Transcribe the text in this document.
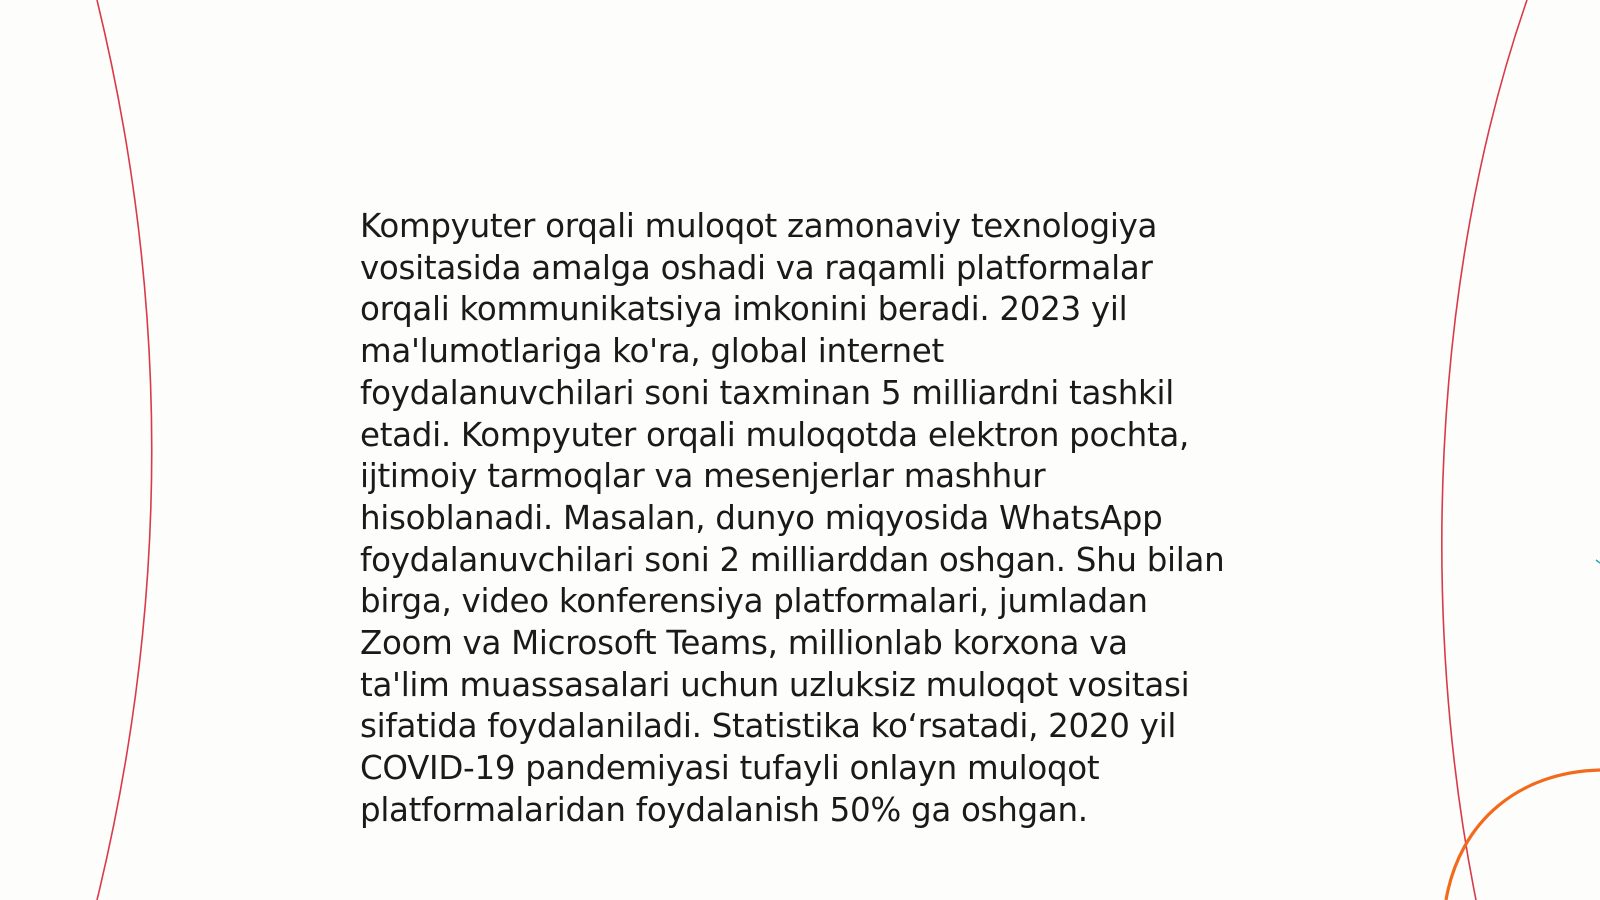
Kompyuter orqali muloqot zamonaviy texnologiya
vositasida amalga oshadi va raqamli platformalar
orqali kommunikatsiya imkonini beradi. 2023 yil
ma'lumotlariga ko'ra, global internet
foydalanuvchilari soni taxminan 5 milliardni tashkil
etadi. Kompyuter orqali muloqotda elektron pochta,
ijtimoiy tarmoqlar va mesenjerlar mashhur
hisoblanadi. Masalan, dunyo miqyosida WhatsApp
foydalanuvchilari soni 2 milliarddan oshgan. Shu bilan
birga, video konferensiya platformalari, jumladan
Zoom va Microsoft Teams, millionlab korxona va
ta'lim muassasalari uchun uzluksiz muloqot vositasi
sifatida foydalaniladi. Statistika ko‘rsatadi, 2020 yil
COVID-19 pandemiyasi tufayli onlayn muloqot
platformalaridan foydalanish 50% ga oshgan.
